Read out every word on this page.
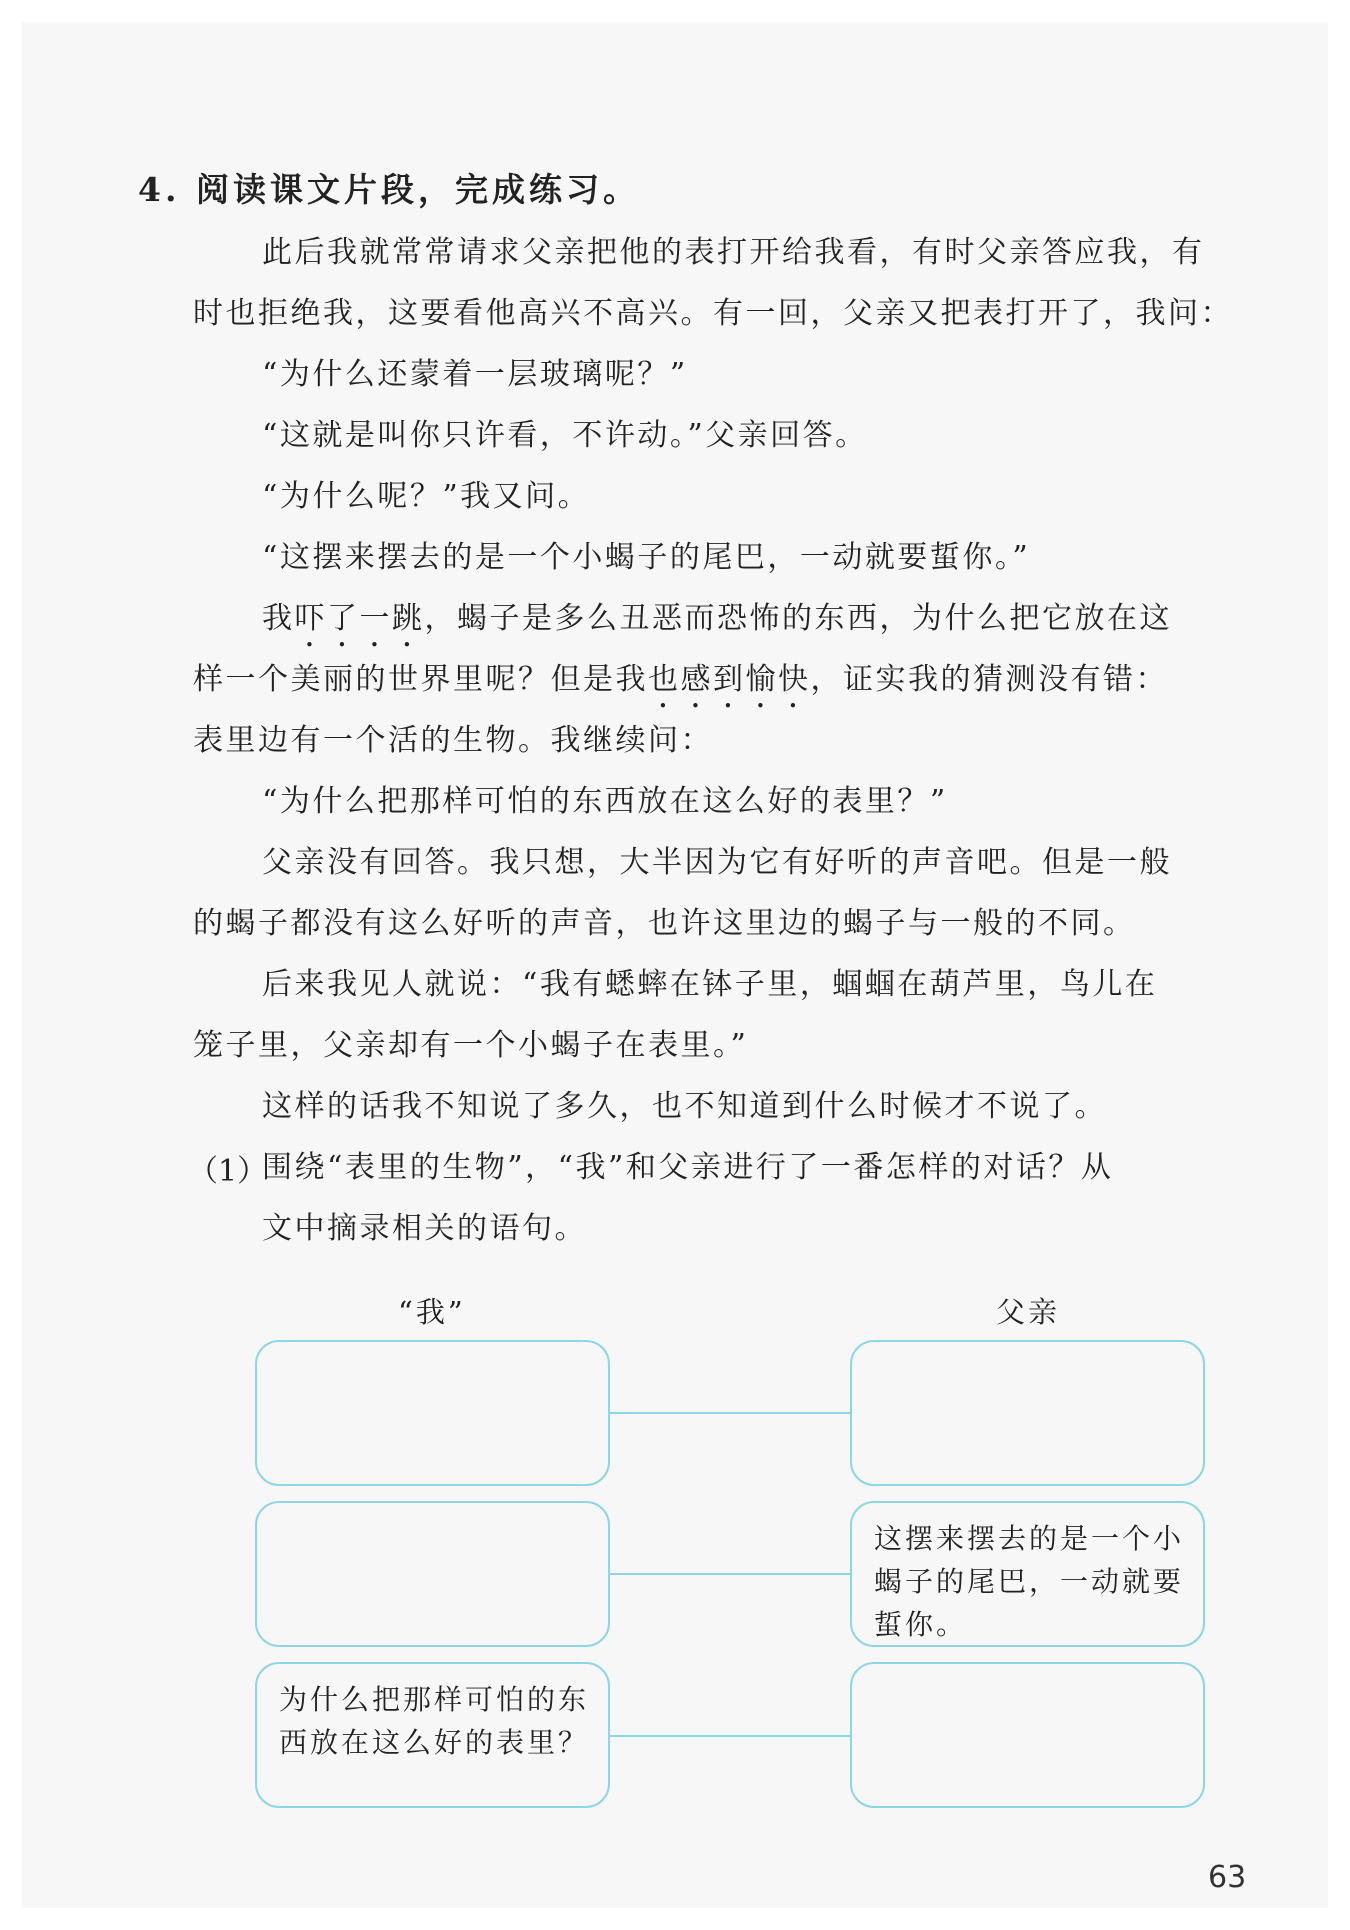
4. 阅读课文片段，完成练习。
此后我就常常请求父亲把他的表打开给我看，有时父亲答应我，有
时也拒绝我，这要看他高兴不高兴。有一回，父亲又把表打开了，我问：
“为什么还蒙着一层玻璃呢？”
“这就是叫你只许看，不许动。”父亲回答。
“为什么呢？”我又问。
“这摆来摆去的是一个小蝎子的尾巴，一动就要蜇你。”
我吓了一跳，蝎子是多么丑恶而恐怖的东西，为什么把它放在这
样一个美丽的世界里呢？但是我也感到愉快，证实我的猜测没有错：
表里边有一个活的生物。我继续问：
“为什么把那样可怕的东西放在这么好的表里？”
父亲没有回答。我只想，大半因为它有好听的声音吧。但是一般
的蝎子都没有这么好听的声音，也许这里边的蝎子与一般的不同。
后来我见人就说：“我有蟋蟀在钵子里，蝈蝈在葫芦里，鸟儿在
笼子里，父亲却有一个小蝎子在表里。”
这样的话我不知说了多久，也不知道到什么时候才不说了。
（1）
围绕“表里的生物”，“我”和父亲进行了一番怎样的对话？从
文中摘录相关的语句。
“我”	父亲
为什么把那样可怕的东西放在这么好的表里？
这摆来摆去的是一个小蝎子的尾巴，一动就要蜇你。
63
